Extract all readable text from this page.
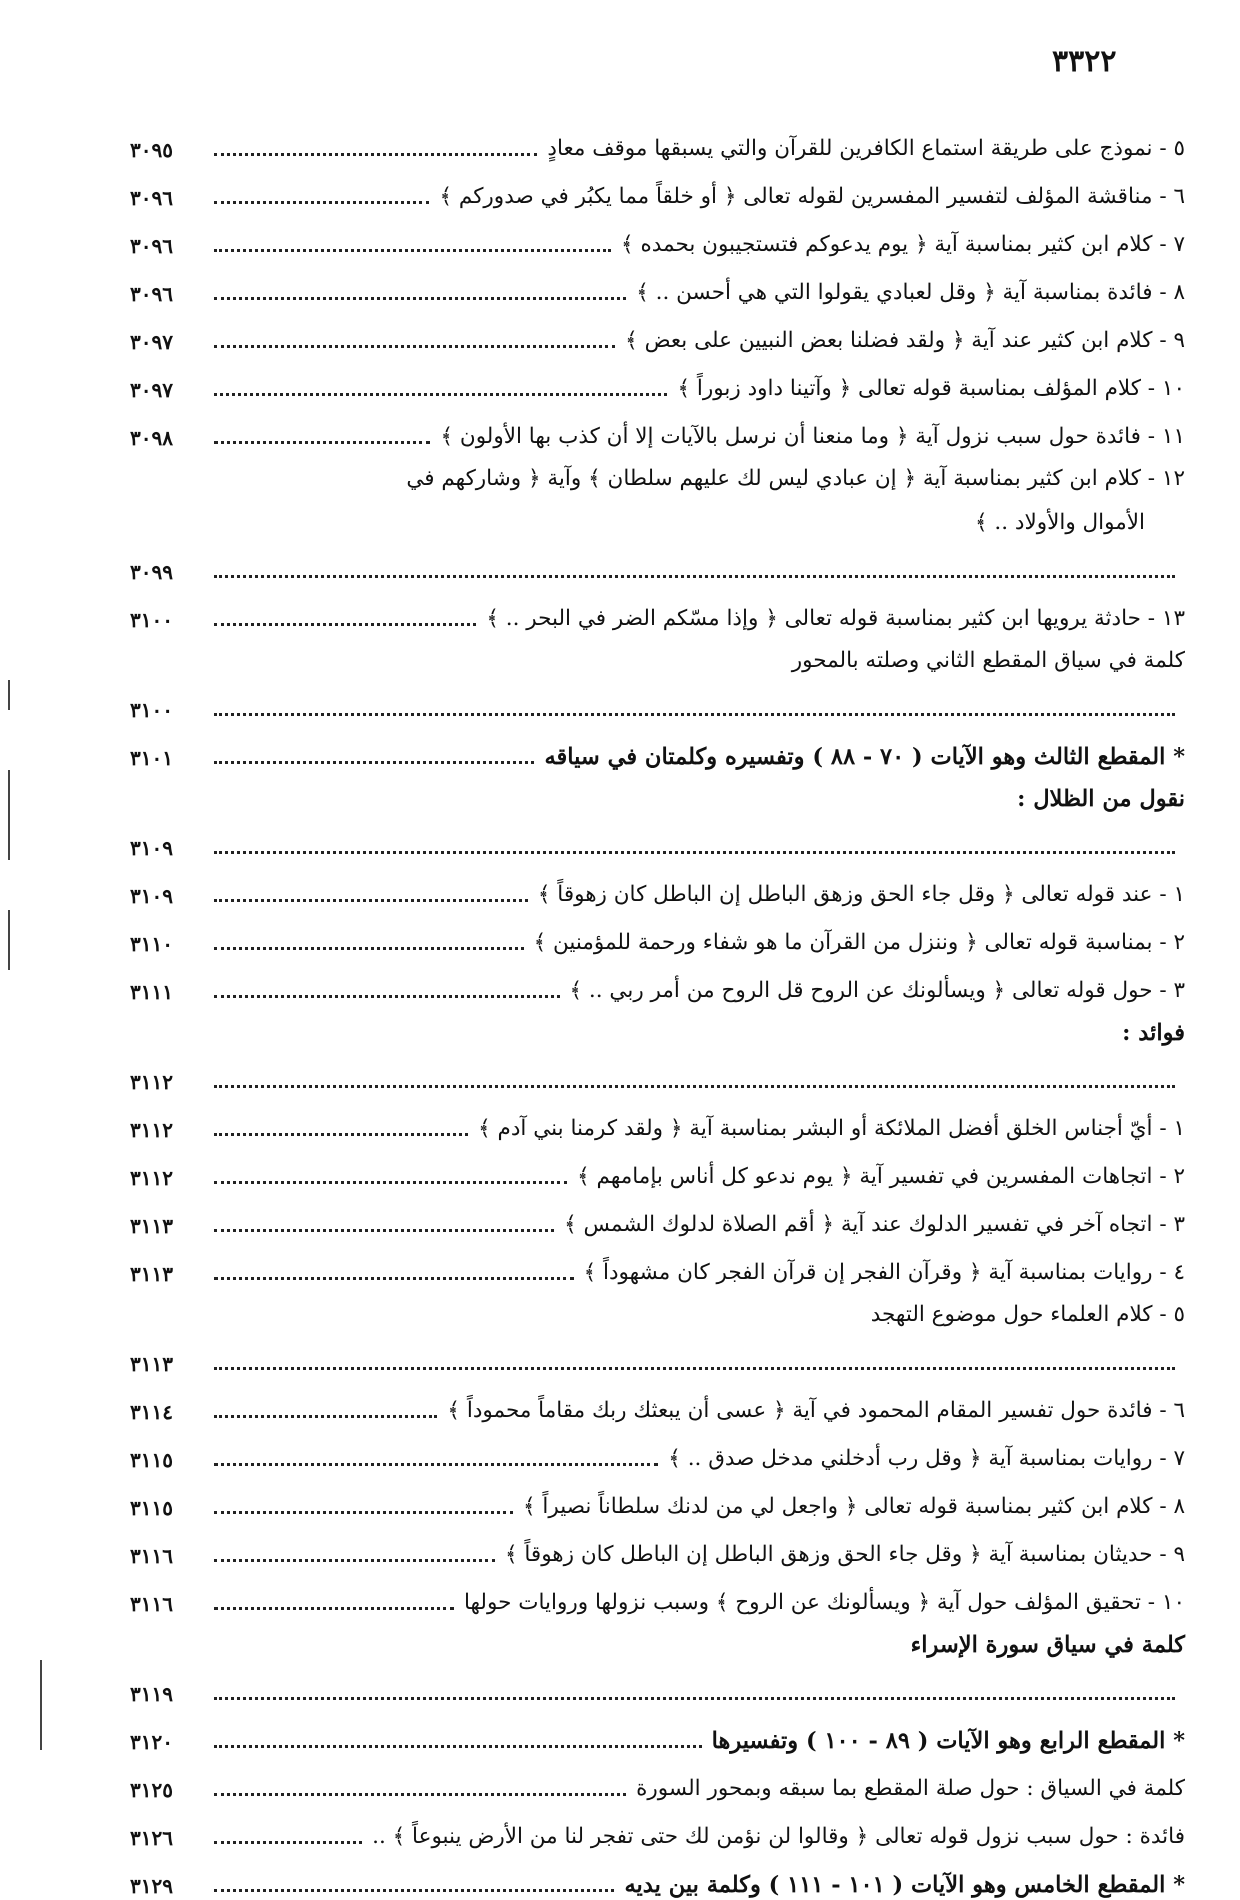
٣٣٢٢
٥ - نموذج على طريقة استماع الكافرين للقرآن والتي يسبقها موقف معادٍ
٣٠٩٥
٦ - مناقشة المؤلف لتفسير المفسرين لقوله تعالى ﴿ أو خلقاً مما يكبُر في صدوركم ﴾
٣٠٩٦
٧ - كلام ابن كثير بمناسبة آية ﴿ يوم يدعوكم فتستجيبون بحمده ﴾
٣٠٩٦
٨ - فائدة بمناسبة آية ﴿ وقل لعبادي يقولوا التي هي أحسن .. ﴾
٣٠٩٦
٩ - كلام ابن كثير عند آية ﴿ ولقد فضلنا بعض النبيين على بعض ﴾
٣٠٩٧
١٠ - كلام المؤلف بمناسبة قوله تعالى ﴿ وآتينا داود زبوراً ﴾
٣٠٩٧
١١ - فائدة حول سبب نزول آية ﴿ وما منعنا أن نرسل بالآيات إلا أن كذب بها الأولون ﴾
٣٠٩٨
١٢ - كلام ابن كثير بمناسبة آية ﴿ إن عبادي ليس لك عليهم سلطان ﴾ وآية ﴿ وشاركهم في
الأموال والأولاد .. ﴾
٣٠٩٩
١٣ - حادثة يرويها ابن كثير بمناسبة قوله تعالى ﴿ وإذا مسّكم الضر في البحر .. ﴾
٣١٠٠
كلمة في سياق المقطع الثاني وصلته بالمحور
٣١٠٠
* المقطع الثالث وهو الآيات ( ٧٠ - ٨٨ ) وتفسيره وكلمتان في سياقه
٣١٠١
نقول من الظلال :
٣١٠٩
١ - عند قوله تعالى ﴿ وقل جاء الحق وزهق الباطل إن الباطل كان زهوقاً ﴾
٣١٠٩
٢ - بمناسبة قوله تعالى ﴿ وننزل من القرآن ما هو شفاء ورحمة للمؤمنين ﴾
٣١١٠
٣ - حول قوله تعالى ﴿ ويسألونك عن الروح قل الروح من أمر ربي .. ﴾
٣١١١
فوائد :
٣١١٢
١ - أيّ أجناس الخلق أفضل الملائكة أو البشر بمناسبة آية ﴿ ولقد كرمنا بني آدم ﴾
٣١١٢
٢ - اتجاهات المفسرين في تفسير آية ﴿ يوم ندعو كل أناس بإمامهم ﴾
٣١١٢
٣ - اتجاه آخر في تفسير الدلوك عند آية ﴿ أقم الصلاة لدلوك الشمس ﴾
٣١١٣
٤ - روايات بمناسبة آية ﴿ وقرآن الفجر إن قرآن الفجر كان مشهوداً ﴾
٣١١٣
٥ - كلام العلماء حول موضوع التهجد
٣١١٣
٦ - فائدة حول تفسير المقام المحمود في آية ﴿ عسى أن يبعثك ربك مقاماً محموداً ﴾
٣١١٤
٧ - روايات بمناسبة آية ﴿ وقل رب أدخلني مدخل صدق .. ﴾
٣١١٥
٨ - كلام ابن كثير بمناسبة قوله تعالى ﴿ واجعل لي من لدنك سلطاناً نصيراً ﴾
٣١١٥
٩ - حديثان بمناسبة آية ﴿ وقل جاء الحق وزهق الباطل إن الباطل كان زهوقاً ﴾
٣١١٦
١٠ - تحقيق المؤلف حول آية ﴿ ويسألونك عن الروح ﴾ وسبب نزولها وروايات حولها
٣١١٦
كلمة في سياق سورة الإسراء
٣١١٩
* المقطع الرابع وهو الآيات ( ٨٩ - ١٠٠ ) وتفسيرها
٣١٢٠
كلمة في السياق : حول صلة المقطع بما سبقه وبمحور السورة
٣١٢٥
فائدة : حول سبب نزول قوله تعالى ﴿ وقالوا لن نؤمن لك حتى تفجر لنا من الأرض ينبوعاً ﴾ ..
٣١٢٦
* المقطع الخامس وهو الآيات ( ١٠١ - ١١١ ) وكلمة بين يديه
٣١٢٩
